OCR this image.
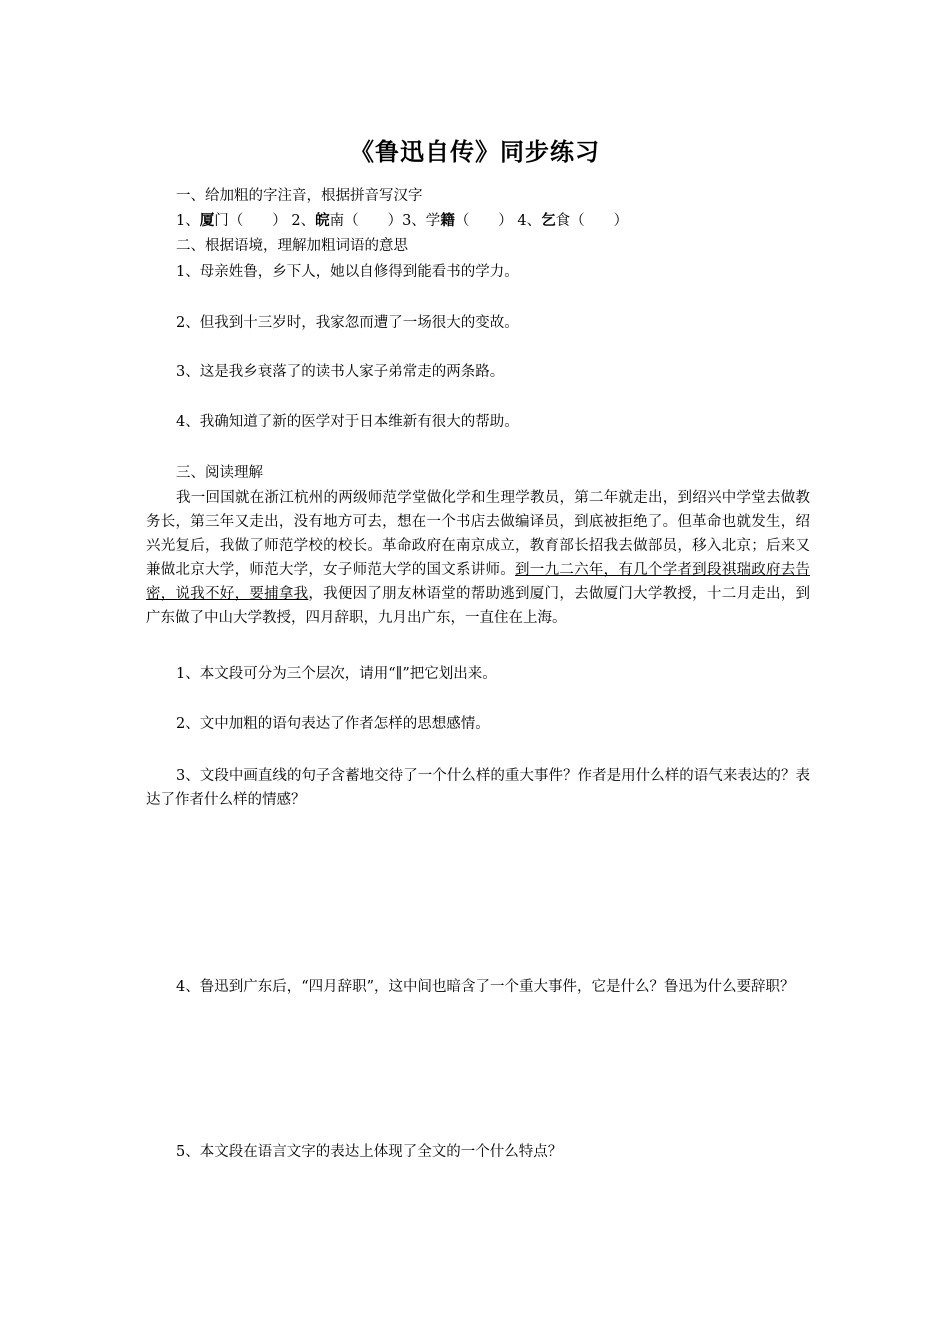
《鲁迅自传》同步练习
一、给加粗的字注音，根据拼音写汉字
1、厦门（　　） 2、皖南（　　）3、学籍（　　） 4、乞食（　　）
二、根据语境，理解加粗词语的意思
1、母亲姓鲁，乡下人，她以自修得到能看书的学力。
2、但我到十三岁时，我家忽而遭了一场很大的变故。
3、这是我乡衰落了的读书人家子弟常走的两条路。
4、我确知道了新的医学对于日本维新有很大的帮助。
三、阅读理解
我一回国就在浙江杭州的两级师范学堂做化学和生理学教员，第二年就走出，到绍兴中学堂去做教务长，第三年又走出，没有地方可去，想在一个书店去做编译员，到底被拒绝了。但革命也就发生，绍兴光复后，我做了师范学校的校长。革命政府在南京成立，教育部长招我去做部员，移入北京；后来又兼做北京大学，师范大学，女子师范大学的国文系讲师。到一九二六年，有几个学者到段祺瑞政府去告密，说我不好，要捕拿我，我便因了朋友林语堂的帮助逃到厦门，去做厦门大学教授，十二月走出，到广东做了中山大学教授，四月辞职，九月出广东，一直住在上海。
1、本文段可分为三个层次，请用“∥”把它划出来。
2、文中加粗的语句表达了作者怎样的思想感情。
3、文段中画直线的句子含蓄地交待了一个什么样的重大事件？作者是用什么样的语气来表达的？表达了作者什么样的情感？
4、鲁迅到广东后，“四月辞职”，这中间也暗含了一个重大事件，它是什么？鲁迅为什么要辞职？
5、本文段在语言文字的表达上体现了全文的一个什么特点？
